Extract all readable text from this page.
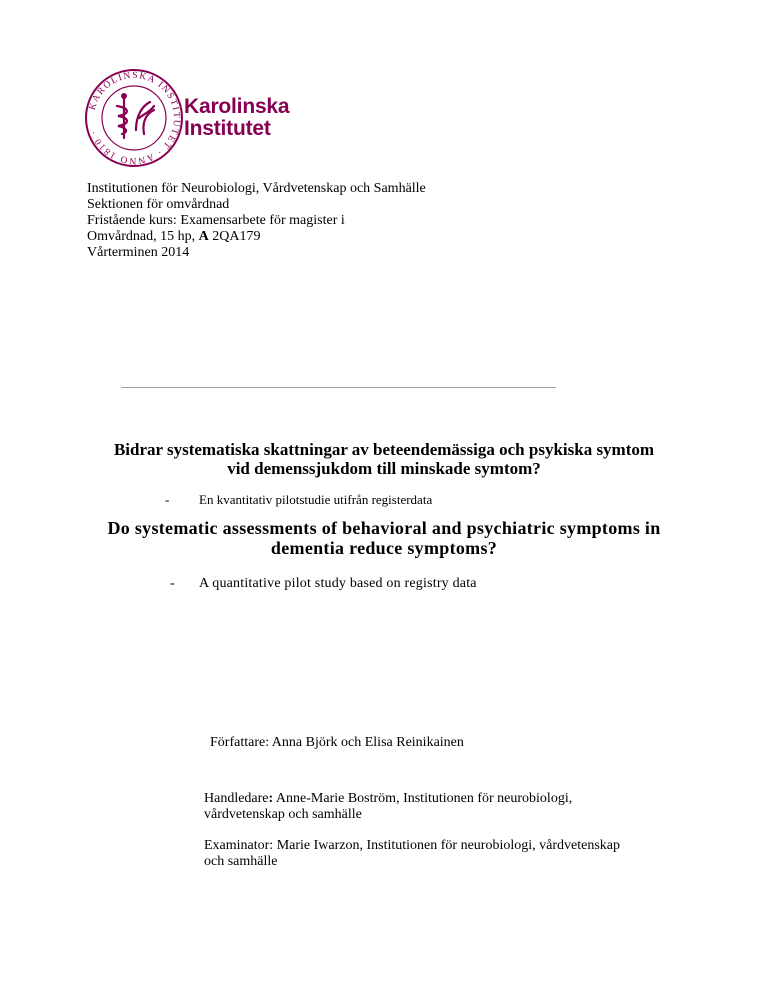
KAROLINSKA INSTITUTET · ANNO 1810 ·
Karolinska
Institutet
Institutionen för Neurobiologi, Vårdvetenskap och Samhälle
Sektionen för omvårdnad
Fristående kurs: Examensarbete för magister i
Omvårdnad, 15 hp, A 2QA179
Vårterminen 2014
Bidrar systematiska skattningar av beteendemässiga och psykiska symtom
vid demenssjukdom till minskade symtom?
-	En kvantitativ pilotstudie utifrån registerdata
Do systematic assessments of behavioral and psychiatric symptoms in
dementia reduce symptoms?
-	A quantitative pilot study based on registry data
Författare: Anna Björk och Elisa Reinikainen
Handledare: Anne-Marie Boström, Institutionen för neurobiologi,
vårdvetenskap och samhälle
Examinator: Marie Iwarzon, Institutionen för neurobiologi, vårdvetenskap
och samhälle
